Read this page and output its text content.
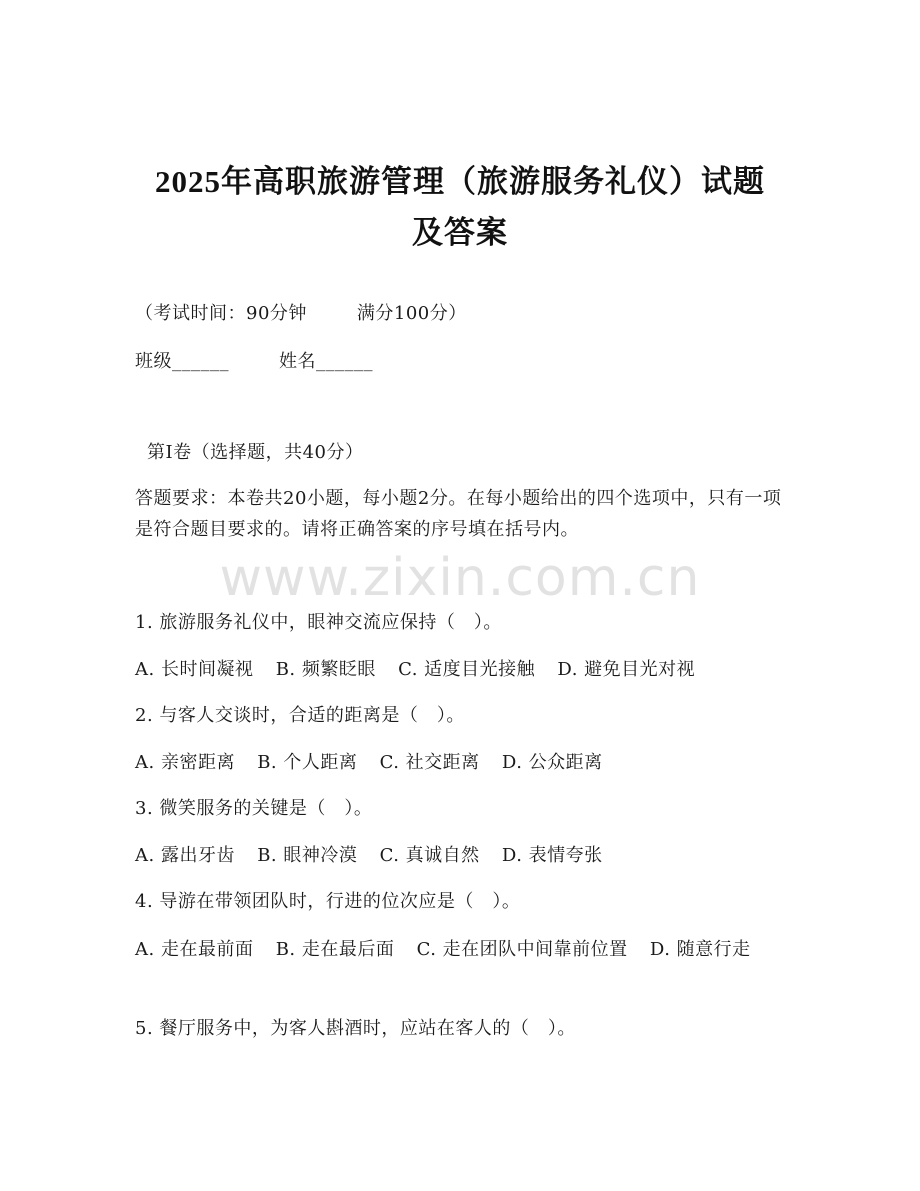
2025年高职旅游管理（旅游服务礼仪）试题
及答案
（考试时间：90分钟	满分100分）
班级______	姓名______
第Ⅰ卷（选择题，共40分）
答题要求：本卷共20小题，每小题2分。在每小题给出的四个选项中，只有一项是符合题目要求的。请将正确答案的序号填在括号内。
www.zixin.com.cn
1. 旅游服务礼仪中，眼神交流应保持（　）。
A. 长时间凝视 B. 频繁眨眼 C. 适度目光接触 D. 避免目光对视
2. 与客人交谈时，合适的距离是（　）。
A. 亲密距离 B. 个人距离 C. 社交距离 D. 公众距离
3. 微笑服务的关键是（　）。
A. 露出牙齿 B. 眼神冷漠 C. 真诚自然 D. 表情夸张
4. 导游在带领团队时，行进的位次应是（　）。
A. 走在最前面 B. 走在最后面 C. 走在团队中间靠前位置 D. 随意行走
5. 餐厅服务中，为客人斟酒时，应站在客人的（　）。
